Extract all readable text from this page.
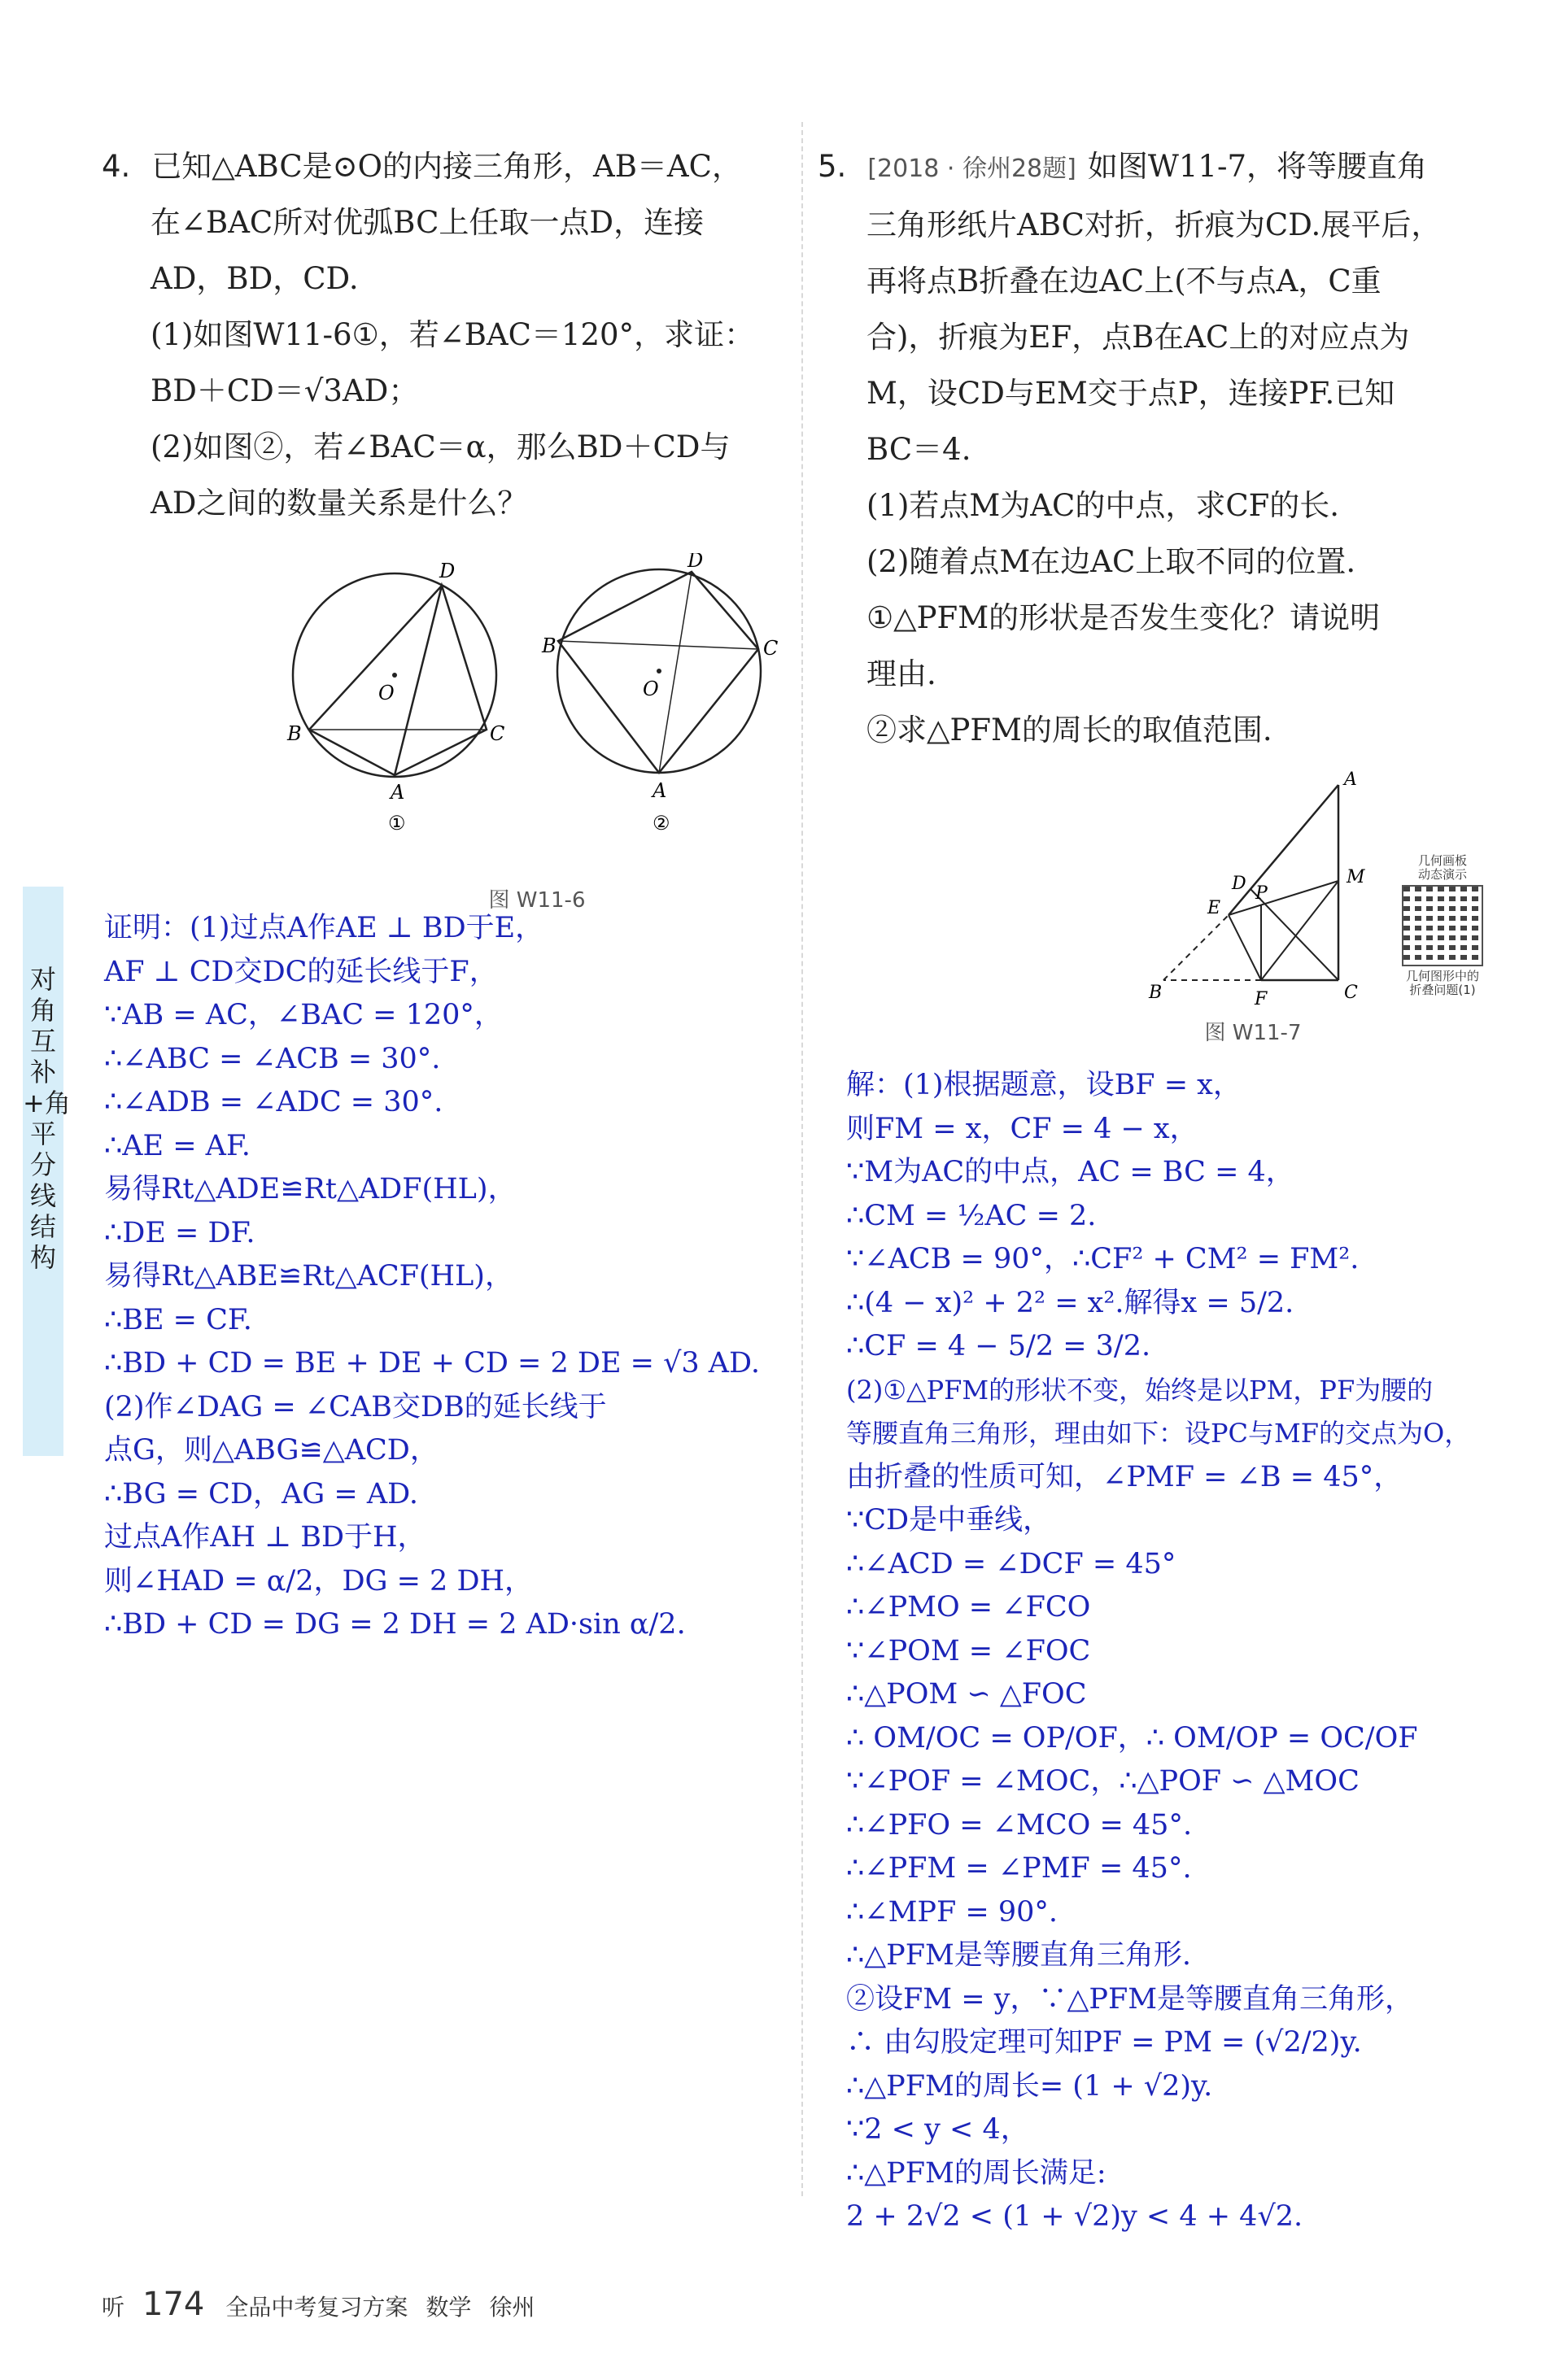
4. 已知△ABC是⊙O的内接三角形，AB＝AC，
在∠BAC所对优弧BC上任取一点D，连接
AD，BD，CD.
(1)如图W11-6①，若∠BAC＝120°，求证：
BD＋CD＝√3AD；
(2)如图②，若∠BAC＝α，那么BD＋CD与
AD之间的数量关系是什么？
D
O
B	C
A
①
D
B
O
C
A
②
图 W11-6
证明：(1)过点A作AE ⊥ BD于E，
AF ⊥ CD交DC的延长线于F，
∵AB = AC，∠BAC = 120°，
∴∠ABC = ∠ACB = 30°.
∴∠ADB = ∠ADC = 30°.
∴AE = AF.
易得Rt△ADE≌Rt△ADF(HL)，
∴DE = DF.
易得Rt△ABE≌Rt△ACF(HL)，
∴BE = CF.
∴BD + CD = BE + DE + CD = 2 DE = √3 AD.
(2)作∠DAG = ∠CAB交DB的延长线于
点G，则△ABG≌△ACD，
∴BG = CD，AG = AD.
过点A作AH ⊥ BD于H，
则∠HAD = α/2，DG = 2 DH，
∴BD + CD = DG = 2 DH = 2 AD·sin α/2.
5. [2018 · 徐州28题] 如图W11-7，将等腰直角
三角形纸片ABC对折，折痕为CD.展平后，
再将点B折叠在边AC上(不与点A，C重
合)，折痕为EF，点B在AC上的对应点为
M，设CD与EM交于点P，连接PF.已知
BC＝4.
(1)若点M为AC的中点，求CF的长.
(2)随着点M在边AC上取不同的位置.
①△PFM的形状是否发生变化？请说明
理由.
②求△PFM的周长的取值范围.
A
D P
E
M
B	F	C
图 W11-7
几何画板
动态演示
几何图形中的
折叠问题(1)
解：(1)根据题意，设BF = x，
则FM = x，CF = 4 − x，
∵M为AC的中点，AC = BC = 4，
∴CM = ½AC = 2.
∵∠ACB = 90°，∴CF² + CM² = FM².
∴(4 − x)² + 2² = x².解得x = 5/2.
∴CF = 4 − 5/2 = 3/2.
(2)①△PFM的形状不变，始终是以PM，PF为腰的
等腰直角三角形，理由如下：设PC与MF的交点为O，
由折叠的性质可知，∠PMF = ∠B = 45°，
∵CD是中垂线，
∴∠ACD = ∠DCF = 45°
∴∠PMO = ∠FCO
∵∠POM = ∠FOC
∴△POM ∽ △FOC
∴ OM/OC = OP/OF，∴ OM/OP = OC/OF
∵∠POF = ∠MOC，∴△POF ∽ △MOC
∴∠PFO = ∠MCO = 45°.
∴∠PFM = ∠PMF = 45°.
∴∠MPF = 90°.
∴△PFM是等腰直角三角形.
②设FM = y，∵△PFM是等腰直角三角形，
∴ 由勾股定理可知PF = PM = (√2/2)y.
∴△PFM的周长= (1 + √2)y.
∵2 < y < 4，
∴△PFM的周长满足:
2 + 2√2 < (1 + √2)y < 4 + 4√2.
对角互补+角平分线结构
听 174 全品中考复习方案 数学 徐州
